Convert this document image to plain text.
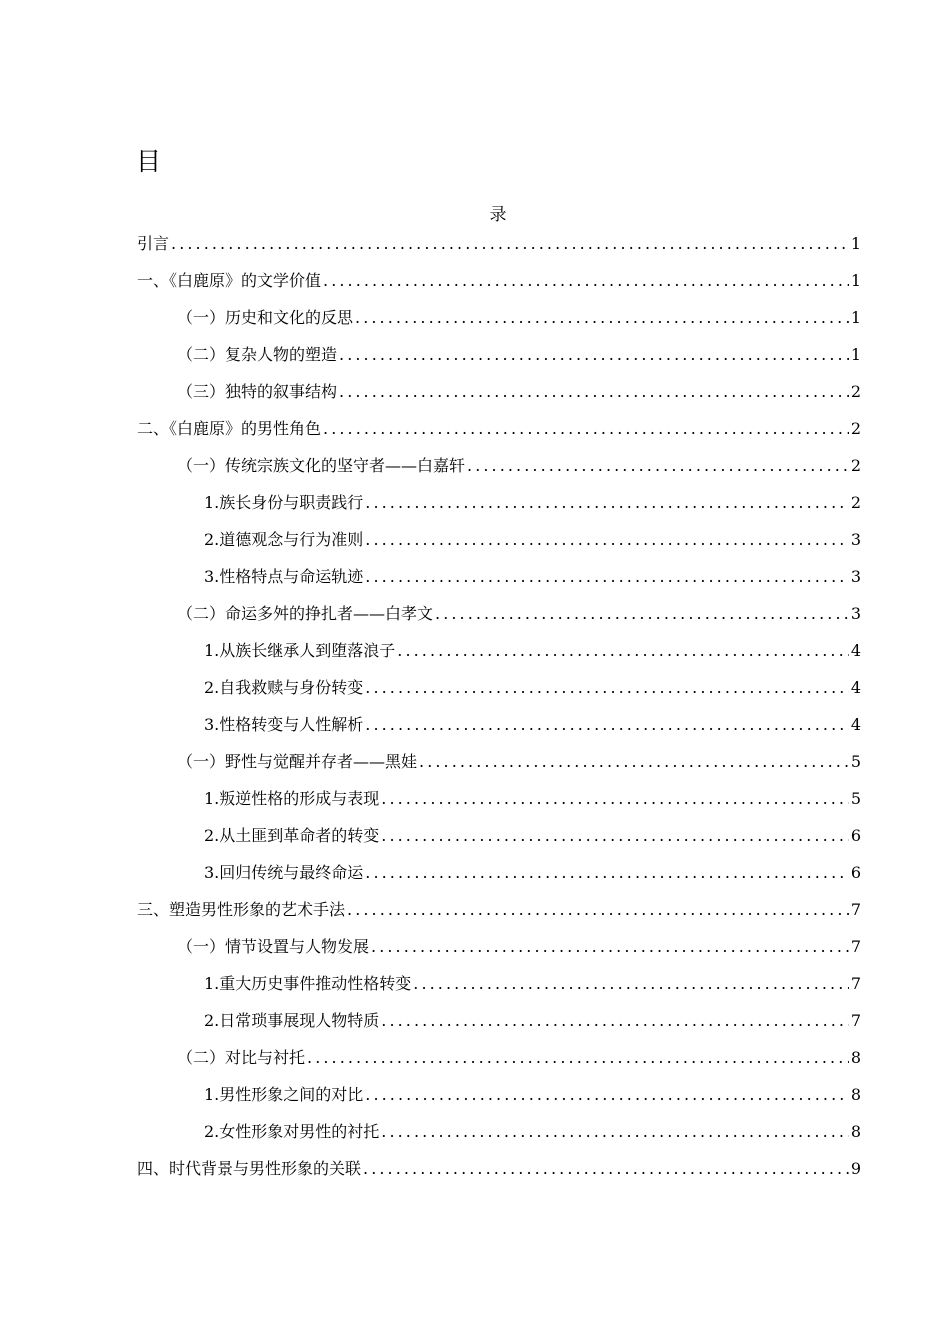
目
录
引言 . . .	1
一、《白鹿原》的文学价值 . . .	1
（一）历史和文化的反思 . . .	1
（二）复杂人物的塑造 . . .	1
（三）独特的叙事结构 . . .	2
二、《白鹿原》的男性角色 . . .	2
（一）传统宗族文化的坚守者——白嘉轩 . . .	2
1.族长身份与职责践行 . . .	2
2.道德观念与行为准则 . . .	3
3.性格特点与命运轨迹 . . .	3
（二）命运多舛的挣扎者——白孝文 . . .	3
1.从族长继承人到堕落浪子 . . .	4
2.自我救赎与身份转变 . . .	4
3.性格转变与人性解析 . . .	4
（一）野性与觉醒并存者——黑娃 . . .	5
1.叛逆性格的形成与表现 . . .	5
2.从土匪到革命者的转变 . . .	6
3.回归传统与最终命运 . . .	6
三、塑造男性形象的艺术手法 . . .	7
（一）情节设置与人物发展 . . .	7
1.重大历史事件推动性格转变 . . .	7
2.日常琐事展现人物特质 . . .	7
（二）对比与衬托 . . .	8
1.男性形象之间的对比 . . .	8
2.女性形象对男性的衬托 . . .	8
四、时代背景与男性形象的关联 . . .	9
